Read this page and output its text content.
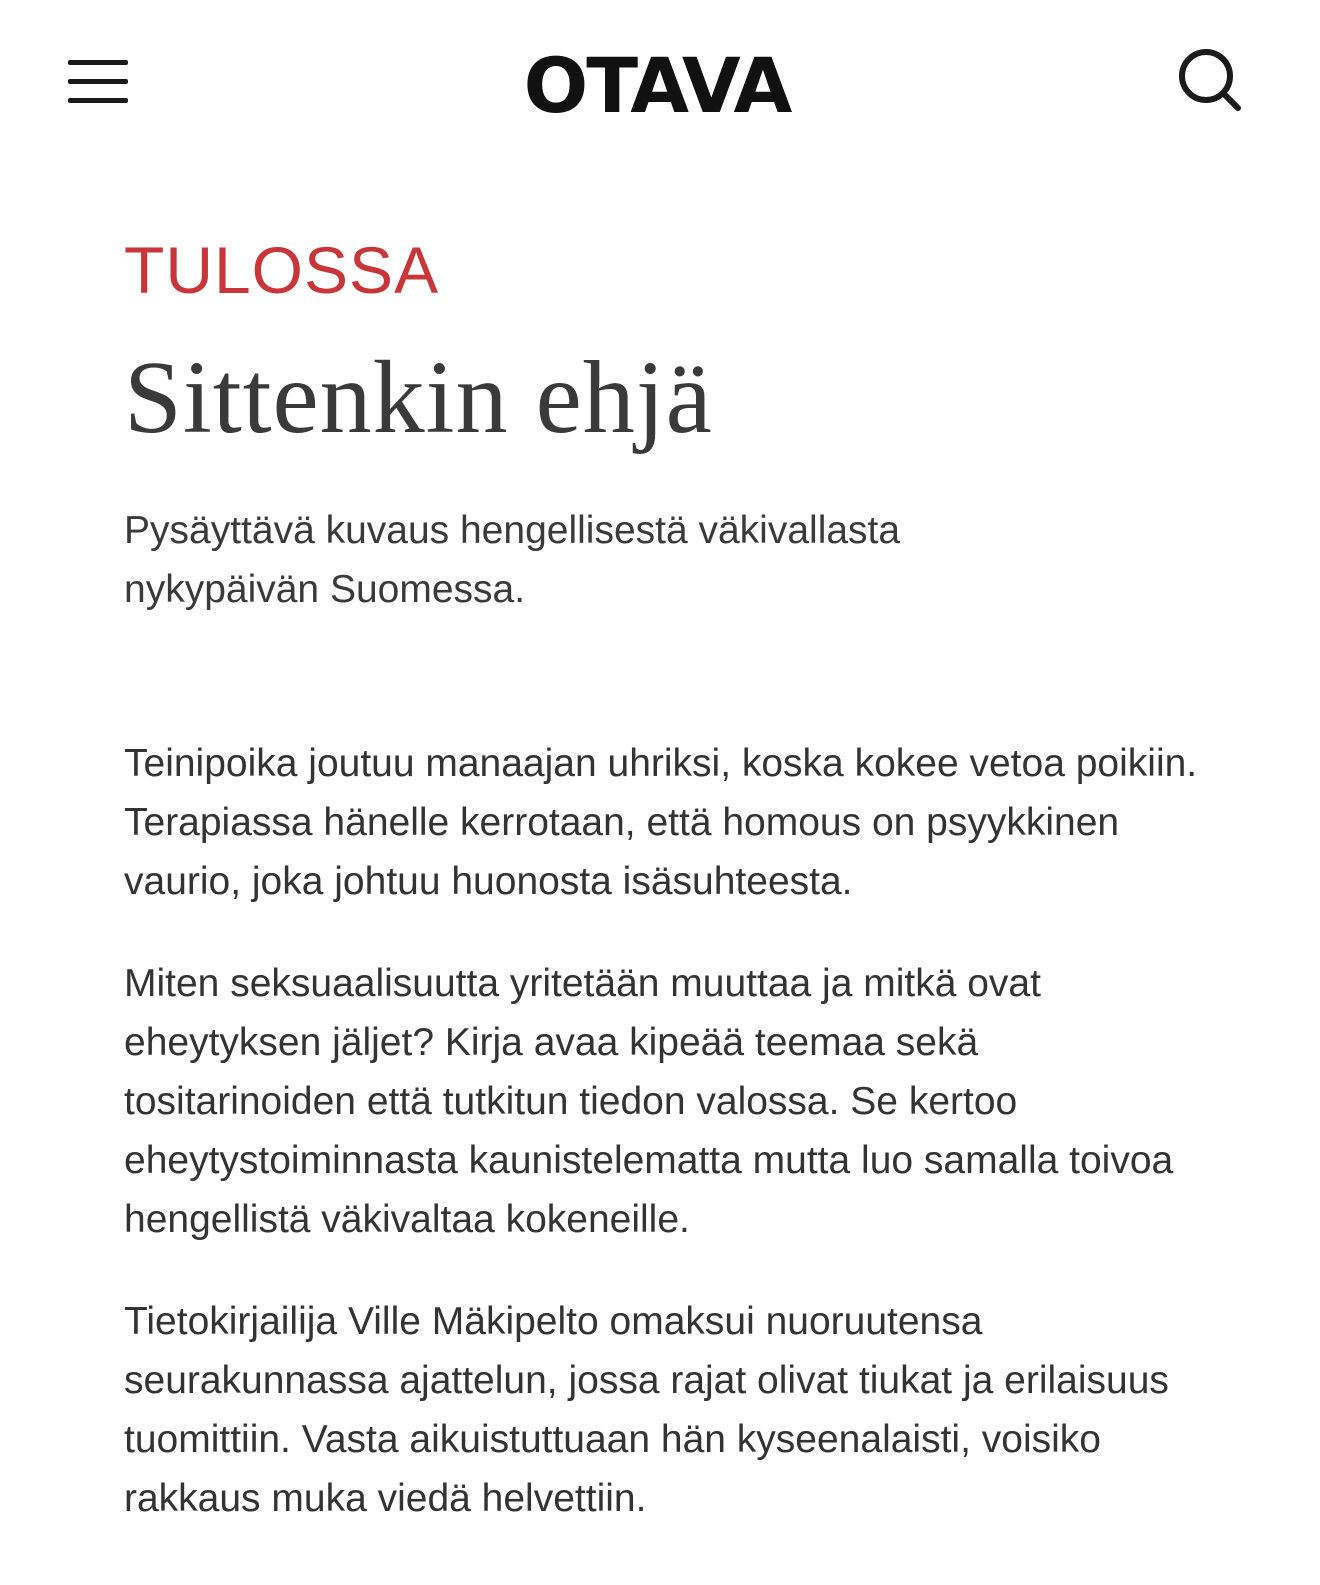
OTAVA

TULOSSA

Sittenkin ehjä

Pysäyttävä kuvaus hengellisestä väkivallasta nykypäivän Suomessa.

Teinipoika joutuu manaajan uhriksi, koska kokee vetoa poikiin. Terapiassa hänelle kerrotaan, että homous on psyykkinen vaurio, joka johtuu huonosta isäsuhteesta.

Miten seksuaalisuutta yritetään muuttaa ja mitkä ovat eheytyksen jäljet? Kirja avaa kipeää teemaa sekä tositarinoiden että tutkitun tiedon valossa. Se kertoo eheytystoiminnasta kaunistelematta mutta luo samalla toivoa hengellistä väkivaltaa kokeneille.

Tietokirjailija Ville Mäkipelto omaksui nuoruutensa seurakunnassa ajattelun, jossa rajat olivat tiukat ja erilaisuus tuomittiin. Vasta aikuistuttuaan hän kyseenalaisti, voisiko rakkaus muka viedä helvettiin.
